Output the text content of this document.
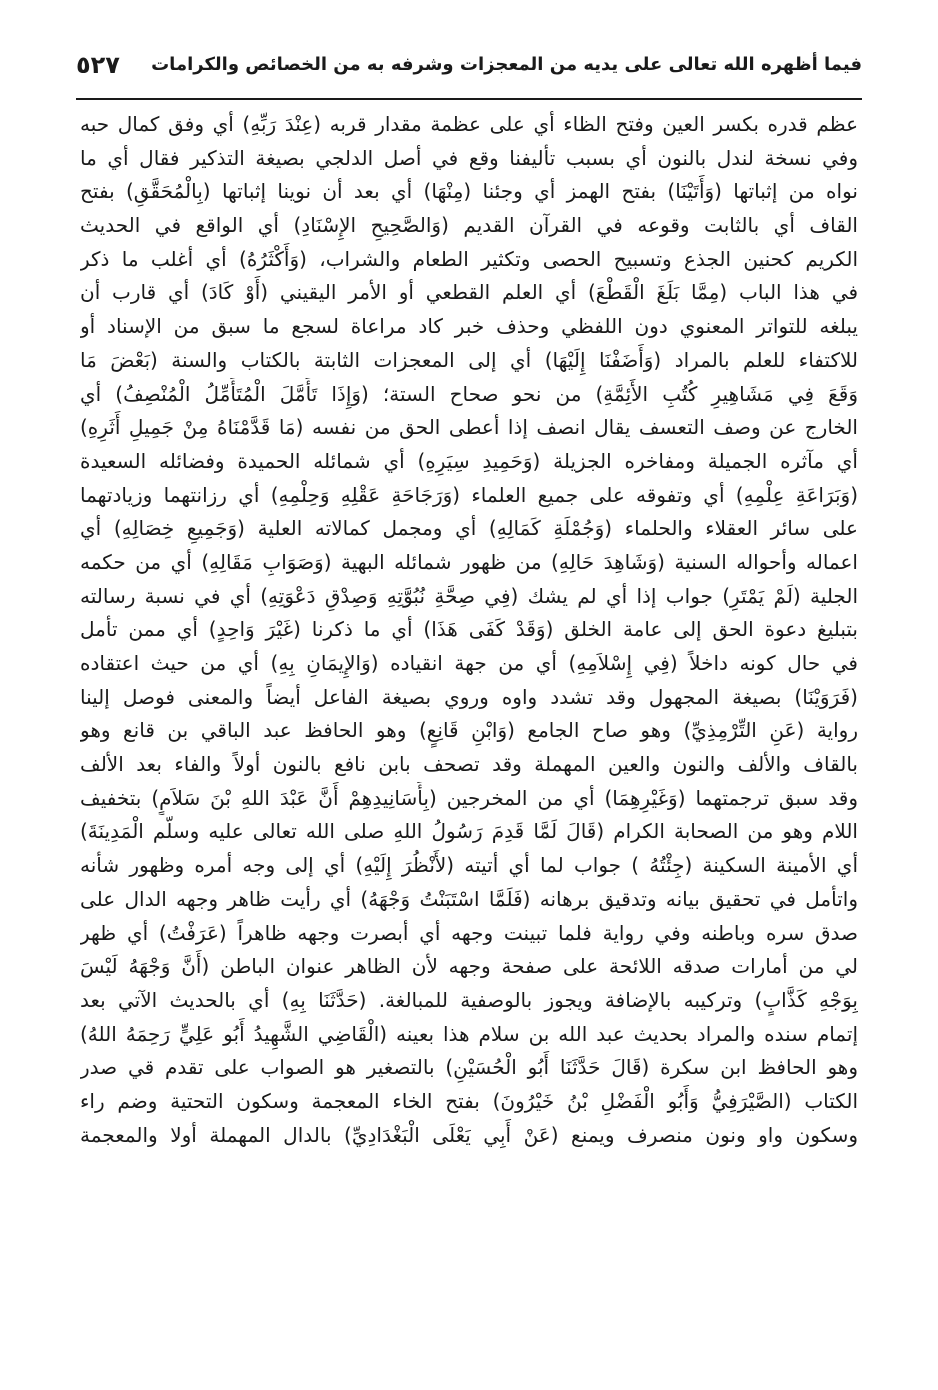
فيما أظهره الله تعالى على يديه من المعجزات وشرفه به من الخصائص والكرامات
٥٢٧
عظم قدره بكسر العين وفتح الظاء أي على عظمة مقدار قربه (عِنْدَ رَبِّهِ) أي وفق كمال حبه
وفي نسخة لندل بالنون أي بسبب تأليفنا وقع في أصل الدلجي بصيغة التذكير فقال أي ما
نواه من إثباتها (وَأَتَيْنَا) بفتح الهمز أي وجئنا (مِنْهَا) أي بعد أن نوينا إثباتها (بِالْمُحَقَّقِ) بفتح
القاف أي بالثابت وقوعه في القرآن القديم (وَالصَّحِيحِ الإِسْنَادِ) أي الواقع في الحديث
الكريم كحنين الجذع وتسبيح الحصى وتكثير الطعام والشراب، (وَأَكْثَرُهُ) أي أغلب ما ذكر
في هذا الباب (مِمَّا بَلَغَ الْقَطْعَ) أي العلم القطعي أو الأمر اليقيني (أَوْ كَادَ) أي قارب أن
يبلغه للتواتر المعنوي دون اللفظي وحذف خبر كاد مراعاة لسجع ما سبق من الإسناد أو
للاكتفاء للعلم بالمراد (وَأَضَفْنَا إِلَيْهَا) أي إلى المعجزات الثابتة بالكتاب والسنة (بَعْضَ مَا
وَقَعَ فِي مَشَاهِيرِ كُتُبِ الأَئِمَّةِ) من نحو صحاح الستة؛ (وَإِذَا تَأَمَّلَ الْمُتَأَمِّلُ الْمُنْصِفُ) أي
الخارج عن وصف التعسف يقال انصف إذا أعطى الحق من نفسه (مَا قَدَّمْنَاهُ مِنْ جَمِيلِ أَثَرِهِ)
أي مآثره الجميلة ومفاخره الجزيلة (وَحَمِيدِ سِيَرِهِ) أي شمائله الحميدة وفضائله السعيدة
(وَبَرَاعَةِ عِلْمِهِ) أي وتفوقه على جميع العلماء (وَرَجَاحَةِ عَقْلِهِ وَحِلْمِهِ) أي رزانتهما وزيادتهما
على سائر العقلاء والحلماء (وَجُمْلَةِ كَمَالِهِ) أي ومجمل كمالاته العلية (وَجَمِيعِ خِصَالِهِ) أي
اعماله وأحواله السنية (وَشَاهِدَ حَالِهِ) من ظهور شمائله البهية (وَصَوَابِ مَقَالِهِ) أي من حكمه
الجلية (لَمْ يَمْتَرِ) جواب إذا أي لم يشك (فِي صِحَّةِ نُبُوَّتِهِ وَصِدْقِ دَعْوَتِهِ) أي في نسبة رسالته
بتبليغ دعوة الحق إلى عامة الخلق (وَقَدْ كَفَى هَذَا) أي ما ذكرنا (غَيْرَ وَاحِدٍ) أي ممن تأمل
في حال كونه داخلاً (فِي إِسْلاَمِهِ) أي من جهة انقياده (وَالإِيمَانِ بِهِ) أي من حيث اعتقاده
(فَرَوَيْنَا) بصيغة المجهول وقد تشدد واوه وروي بصيغة الفاعل أيضاً والمعنى فوصل إلينا
رواية (عَنِ التِّرْمِذِيِّ) وهو صاح الجامع (وَابْنِ قَانِعٍ) وهو الحافظ عبد الباقي بن قانع وهو
بالقاف والألف والنون والعين المهملة وقد تصحف بابن نافع بالنون أولاً والفاء بعد الألف
وقد سبق ترجمتهما (وَغَيْرِهِمَا) أي من المخرجين (بِأَسَانِيدِهِمْ أَنَّ عَبْدَ اللهِ بْنَ سَلاَمٍ) بتخفيف
اللام وهو من الصحابة الكرام (قَالَ لَمَّا قَدِمَ رَسُولُ اللهِ صلى الله تعالى عليه وسلّم الْمَدِينَةَ)
أي الأمينة السكينة (جِئْتُهُ ) جواب لما أي أتيته (لأَنْظُرَ إِلَيْهِ) أي إلى وجه أمره وظهور شأنه
واتأمل في تحقيق بيانه وتدقيق برهانه (فَلَمَّا اسْتَبَنْتُ وَجْهَهُ) أي رأيت ظاهر وجهه الدال على
صدق سره وباطنه وفي رواية فلما تبينت وجهه أي أبصرت وجهه ظاهراً (عَرَفْتُ) أي ظهر
لي من أمارات صدقه اللائحة على صفحة وجهه لأن الظاهر عنوان الباطن (أَنَّ وَجْهَهُ لَيْسَ
بِوَجْهِ كَذَّابٍ) وتركيبه بالإضافة ويجوز بالوصفية للمبالغة. (حَدَّثَنَا بِهِ) أي بالحديث الآتي بعد
إتمام سنده والمراد بحديث عبد الله بن سلام هذا بعينه (الْقَاضِي الشَّهِيدُ أَبُو عَلِيٍّ رَحِمَهُ اللهُ)
وهو الحافظ ابن سكرة (قَالَ حَدَّثَنَا أَبُو الْحُسَيْنِ) بالتصغير هو الصواب على تقدم قي صدر
الكتاب (الصَّيْرَفِيُّ وَأَبُو الْفَضْلِ بْنُ خَيْرُونَ) بفتح الخاء المعجمة وسكون التحتية وضم راء
وسكون واو ونون منصرف ويمنع (عَنْ أَبِي يَعْلَى الْبَغْدَادِيِّ) بالدال المهملة أولا والمعجمة
